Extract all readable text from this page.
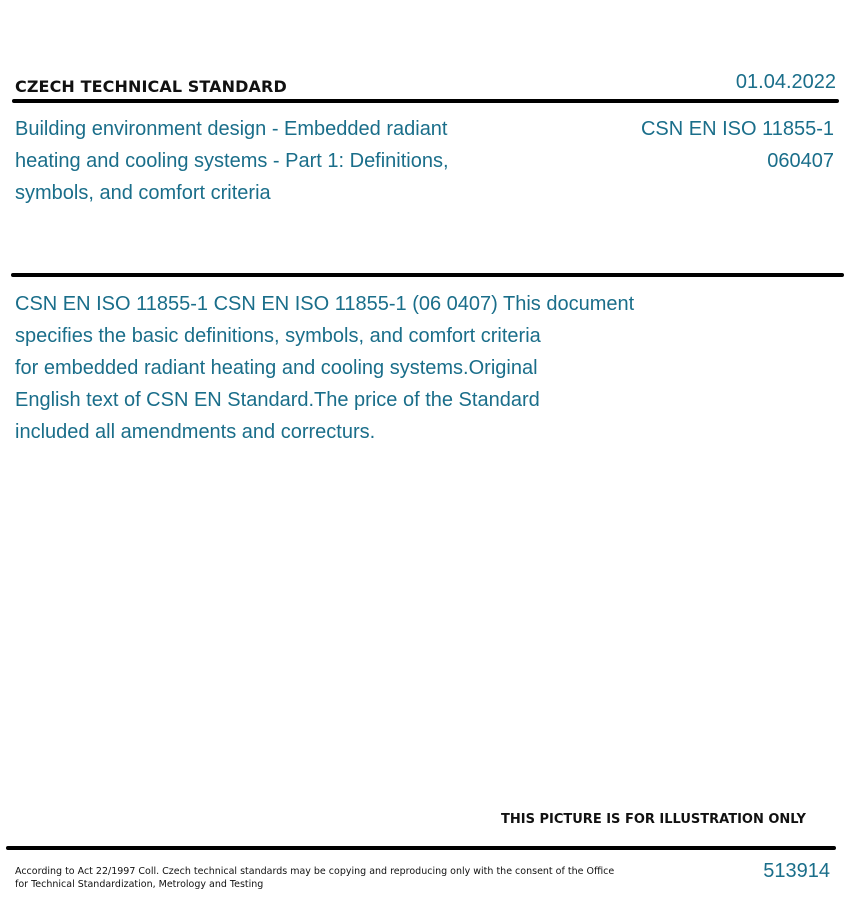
CZECH TECHNICAL STANDARD	01.04.2022
Building environment design - Embedded radiant
heating and cooling systems - Part 1: Definitions,
symbols, and comfort criteria
CSN EN ISO 11855-1
060407
CSN EN ISO 11855-1 CSN EN ISO 11855-1 (06 0407) This document
specifies the basic definitions, symbols, and comfort criteria
for embedded radiant heating and cooling systems.Original
English text of CSN EN Standard.The price of the Standard
included all amendments and correcturs.
THIS PICTURE IS FOR ILLUSTRATION ONLY
According to Act 22/1997 Coll. Czech technical standards may be copying and reproducing only with the consent of the Office
for Technical Standardization, Metrology and Testing
513914
